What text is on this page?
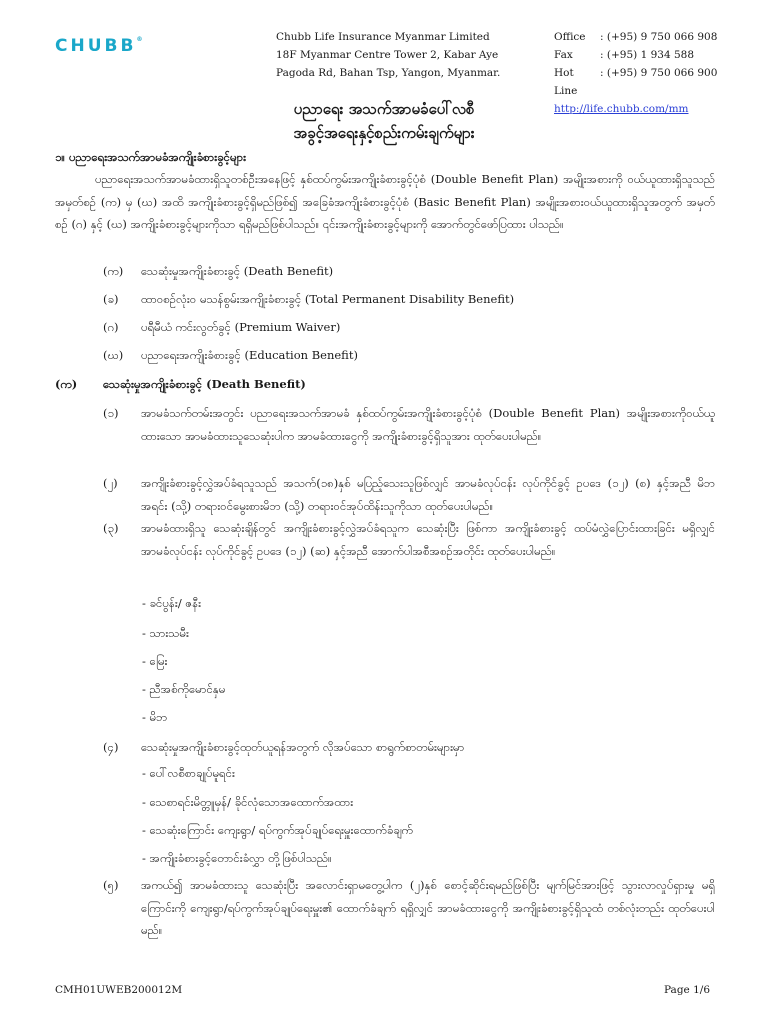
CHUBB®	Chubb Life Insurance Myanmar Limited
18F Myanmar Centre Tower 2, Kabar Aye
Pagoda Rd, Bahan Tsp, Yangon, Myanmar.
Office	: (+95) 9 750 066 908
Fax	: (+95) 1 934 588
Hot Line
: (+95) 9 750 066 900
http://life.chubb.com/mm
ပညာရေး အသက်အာမခံပေါ်လစီ
အခွင့်အရေးနှင့်စည်းကမ်းချက်များ
၁။ ပညာရေးအသက်အာမခံအကျိုးခံစားခွင့်များ
ပညာရေးအသက်အာမခံထားရှိသူတစ်ဦးအနေဖြင့် နှစ်ထပ်ကွမ်းအကျိုးခံစားခွင့်ပုံစံ (Double Benefit Plan) အမျိုးအစားကို ဝယ်ယူထားရှိသူသည် အမှတ်စဉ် (က) မှ (ဃ) အထိ အကျိုးခံစားခွင့်ရှိမည်ဖြစ်၍ အခြေခံအကျိုးခံစားခွင့်ပုံစံ (Basic Benefit Plan) အမျိုးအစားဝယ်ယူထားရှိသူအတွက် အမှတ်စဉ် (ဂ) နှင့် (ဃ) အကျိုးခံစားခွင့်များကိုသာ ရရှိမည်ဖြစ်ပါသည်။ ၎င်းအကျိုးခံစားခွင့်များကို အောက်တွင်ဖော်ပြထား ပါသည်။
(က) သေဆုံးမှုအကျိုးခံစားခွင့် (Death Benefit)
(ခ) ထာဝစဉ်လုံးဝ မသန်စွမ်းအကျိုးခံစားခွင့် (Total Permanent Disability Benefit)
(ဂ) ပရီမီယံ ကင်းလွတ်ခွင့် (Premium Waiver)
(ဃ) ပညာရေးအကျိုးခံစားခွင့် (Education Benefit)
(က) သေဆုံးမှုအကျိုးခံစားခွင့် (Death Benefit)
(၁) အာမခံသက်တမ်းအတွင်း ပညာရေးအသက်အာမခံ နှစ်ထပ်ကွမ်းအကျိုးခံစားခွင့်ပုံစံ (Double Benefit Plan) အမျိုးအစားကိုဝယ်ယူထားသော အာမခံထားသူသေဆုံးပါက အာမခံထားငွေကို အကျိုးခံစားခွင့်ရှိသူအား ထုတ်ပေးပါမည်။
(၂) အကျိုးခံစားခွင့်လွှဲအပ်ခံရသူသည် အသက်(၁၈)နှစ် မပြည့်သေးသူဖြစ်လျှင် အာမခံလုပ်ငန်း လုပ်ကိုင်ခွင့် ဥပဒေ (၁၂) (စ) နှင့်အညီ မိဘအရင်း (သို့) တရားဝင်မွေးစားမိဘ (သို့) တရားဝင်အုပ်ထိန်းသူကိုသာ ထုတ်ပေးပါမည်။
(၃) အာမခံထားရှိသူ သေဆုံးချိန်တွင် အကျိုးခံစားခွင့်လွှဲအပ်ခံရသူက သေဆုံးပြီး ဖြစ်ကာ အကျိုးခံစားခွင့် ထပ်မံလွှဲပြောင်းထားခြင်း မရှိလျှင် အာမခံလုပ်ငန်း လုပ်ကိုင်ခွင့် ဥပဒေ (၁၂) (ဆ) နှင့်အညီ အောက်ပါအစီအစဉ်အတိုင်း ထုတ်ပေးပါမည်။
- ခင်ပွန်း/ ဇနီး
- သားသမီး
- မြေး
- ညီအစ်ကိုမောင်နှမ
- မိဘ
(၄) သေဆုံးမှုအကျိုးခံစားခွင့်ထုတ်ယူရန်အတွက် လိုအပ်သော စာရွက်စာတမ်းများမှာ
- ပေါ်လစီစာချုပ်မူရင်း
- သေစာရင်းမိတ္တူမှန်/ ခိုင်လုံသောအထောက်အထား
- သေဆုံးကြောင်း ကျေးရွာ/ ရပ်ကွက်အုပ်ချုပ်ရေးမှူးထောက်ခံချက်
- အကျိုးခံစားခွင့်တောင်းခံလွှာ တို့ဖြစ်ပါသည်။
(၅) အကယ်၍ အာမခံထားသူ သေဆုံးပြီး အလောင်းရှာမတွေ့ပါက (၂)နှစ် စောင့်ဆိုင်းရမည်ဖြစ်ပြီး မျက်မြင်အားဖြင့် သွားလာလှုပ်ရှားမှု မရှိကြောင်းကို ကျေးရွာ/ရပ်ကွက်အုပ်ချုပ်ရေးမှူး၏ ထောက်ခံချက် ရရှိလျှင် အာမခံထားငွေကို အကျိုးခံစားခွင့်ရှိသူထံ တစ်လုံးတည်း ထုတ်ပေးပါမည်။
CMH01UWEB200012M	Page 1/6
